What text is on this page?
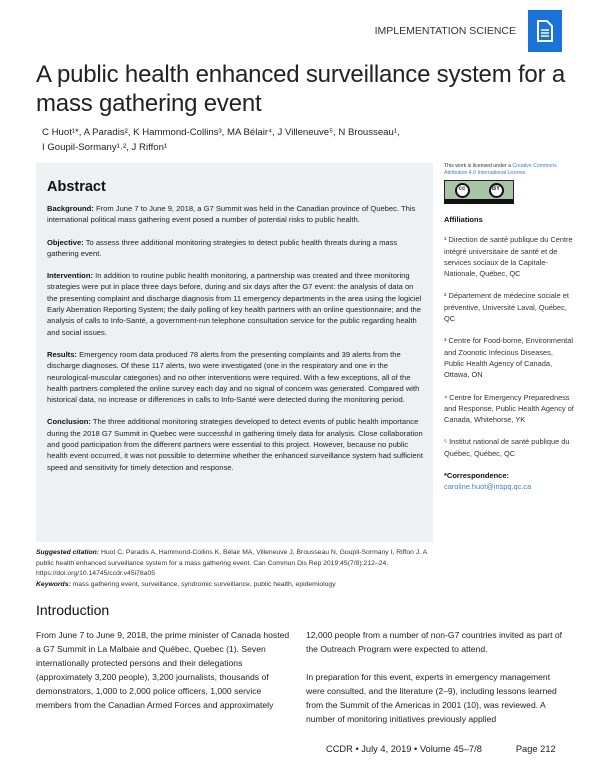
IMPLEMENTATION SCIENCE
A public health enhanced surveillance system for a mass gathering event
C Huot¹*, A Paradis², K Hammond-Collins³, MA Bélair⁴, J Villeneuve⁵, N Brousseau¹,
I Goupil-Sormany¹˒², J Riffon¹
Abstract

Background: From June 7 to June 9, 2018, a G7 Summit was held in the Canadian province of Quebec. This international political mass gathering event posed a number of potential risks to public health.

Objective: To assess three additional monitoring strategies to detect public health threats during a mass gathering event.

Intervention: In addition to routine public health monitoring, a partnership was created and three monitoring strategies were put in place three days before, during and six days after the G7 event: the analysis of data on the presenting complaint and discharge diagnosis from 11 emergency departments in the area using the logiciel Early Aberration Reporting System; the daily polling of key health partners with an online questionnaire; and the analysis of calls to Info-Santé, a government-run telephone consultation service for the public regarding health and social issues.

Results: Emergency room data produced 78 alerts from the presenting complaints and 39 alerts from the discharge diagnoses. Of these 117 alerts, two were investigated (one in the respiratory and one in the neurological-muscular categories) and no other interventions were required. With a few exceptions, all of the health partners completed the online survey each day and no signal of concern was generated. Compared with historical data, no increase or differences in calls to Info-Santé were detected during the monitoring period.

Conclusion: The three additional monitoring strategies developed to detect events of public health importance during the 2018 G7 Summit in Quebec were successful in gathering timely data for analysis. Close collaboration and good participation from the different partners were essential to this project. However, because no public health event occurred, it was not possible to determine whether the enhanced surveillance system had sufficient speed and sensitivity for timely detection and response.

This work is licensed under a Creative Commons Attribution 4.0 International License.
cc	BY
Affiliations
¹ Direction de santé publique du Centre intégré universitaire de santé et de services sociaux de la Capitale-Nationale, Québec, QC
² Département de médecine sociale et préventive, Université Laval, Québec, QC
³ Centre for Food-borne, Environmental and Zoonotic Infecious Diseases, Public Health Agency of Canada, Ottawa, ON
⁴ Centre for Emergency Preparedness and Response, Public Health Agency of Canada, Whitehorse, YK
⁵ Institut national de santé publique du Québec, Québec, QC
*Correspondence:
caroline.huot@inspq.qc.ca
Suggested citation: Huot C, Paradis A, Hammond-Collins K, Bélair MA, Villeneuve J, Brousseau N, Goupil-Sormany I, Riffon J. A public health enhanced surveillance system for a mass gathering event. Can Commun Dis Rep 2019;45(7/8):212–24. https://doi.org/10.14745/ccdr.v45i78a05
Keywords: mass gathering event, surveillance, syndromic surveillance, public health, epidemiology
Introduction

From June 7 to June 9, 2018, the prime minister of Canada hosted a G7 Summit in La Malbaie and Québec, Quebec (1). Seven internationally protected persons and their delegations (approximately 3,200 people), 3,200 journalists, thousands of demonstrators, 1,000 to 2,000 police officers, 1,000 service members from the Canadian Armed Forces and approximately

12,000 people from a number of non-G7 countries invited as part of the Outreach Program were expected to attend.

In preparation for this event, experts in emergency management were consulted, and the literature (2–9), including lessons learned from the Summit of the Americas in 2001 (10), was reviewed. A number of monitoring initiatives previously applied

CCDR • July 4, 2019 • Volume 45–7/8	Page 212
